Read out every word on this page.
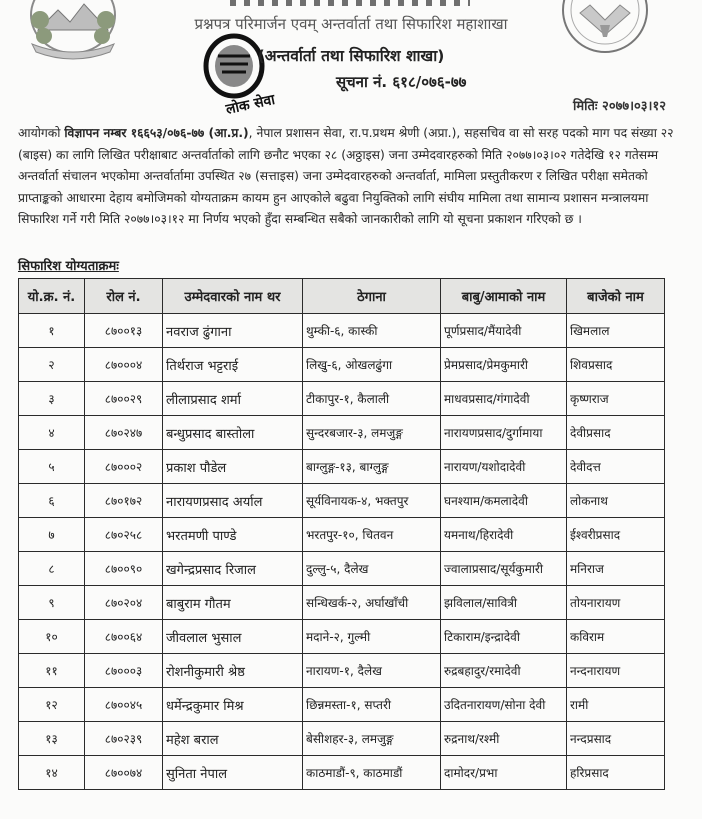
प्रश्नपत्र परिमार्जन एवम् अन्तर्वार्ता तथा सिफारिश महाशाखा
लोक सेवा
(अन्तर्वार्ता तथा सिफारिश शाखा)
सूचना नं. ६१८/०७६-७७
मितिः २०७७।०३।१२
आयोगको विज्ञापन नम्बर १६६५३/०७६-७७ (आ.प्र.), नेपाल प्रशासन सेवा, रा.प.प्रथम श्रेणी (अप्रा.), सहसचिव वा सो सरह पदको माग पद संख्या २२ (बाइस) का लागि लिखित परीक्षाबाट अन्तर्वार्ताको लागि छनौट भएका २८ (अठ्ठाइस) जना उम्मेदवारहरुको मिति २०७७।०३।०२ गतेदेखि १२ गतेसम्म अन्तर्वार्ता संचालन भएकोमा अन्तर्वार्तामा उपस्थित २७ (सत्ताइस) जना उम्मेदवारहरुको अन्तर्वार्ता, मामिला प्रस्तुतीकरण र लिखित परीक्षा समेतको प्राप्ताङ्कको आधारमा देहाय बमोजिमको योग्यताक्रम कायम हुन आएकोले बढुवा नियुक्तिको लागि संघीय मामिला तथा सामान्य प्रशासन मन्त्रालयमा सिफारिश गर्ने गरी मिति २०७७।०३।१२ मा निर्णय भएको हुँदा सम्बन्धित सबैको जानकारीको लागि यो सूचना प्रकाशन गरिएको छ ।
सिफारिश योग्यताक्रमः
यो.क्र. नं.	रोल नं.	उम्मेदवारको नाम थर	ठेगाना	बाबु/आमाको नाम	बाजेको नाम
१	८७००१३	नवराज ढुंगाना	थुम्की-६, कास्की	पूर्णप्रसाद/मैंयादेवी	खिमलाल
२	८७०००४	तिर्थराज भट्टराई	लिखु-६, ओखलढुंगा	प्रेमप्रसाद/प्रेमकुमारी	शिवप्रसाद
३	८७००२९	लीलाप्रसाद शर्मा	टीकापुर-१, कैलाली	माधवप्रसाद/गंगादेवी	कृष्णराज
४	८७०२४७	बन्धुप्रसाद बास्तोला	सुन्दरबजार-३, लमजुङ्ग	नारायणप्रसाद/दुर्गामाया	देवीप्रसाद
५	८७०००२	प्रकाश पौडेल	बाग्लुङ्ग-१३, बाग्लुङ्ग	नारायण/यशोदादेवी	देवीदत्त
६	८७०१७२	नारायणप्रसाद अर्याल	सूर्यविनायक-४, भक्तपुर	घनश्याम/कमलादेवी	लोकनाथ
७	८७०२५८	भरतमणी पाण्डे	भरतपुर-१०, चितवन	यमनाथ/हिरादेवी	ईश्वरीप्रसाद
८	८७००९०	खगेन्द्रप्रसाद रिजाल	दुल्लु-५, दैलेख	ज्वालाप्रसाद/सूर्यकुमारी	मनिराज
९	८७०२०४	बाबुराम गौतम	सन्धिखर्क-२, अर्घाखाँची	झविलाल/सावित्री	तोयनारायण
१०	८७००६४	जीवलाल भुसाल	मदाने-२, गुल्मी	टिकाराम/इन्द्रादेवी	कविराम
११	८७०००३	रोशनीकुमारी श्रेष्ठ	नारायण-१, दैलेख	रुद्रबहादुर/रमादेवी	नन्दनारायण
१२	८७००४५	धर्मेन्द्रकुमार मिश्र	छिन्नमस्ता-१, सप्तरी	उदितनारायण/सोना देवी	रामी
१३	८७०२३९	महेश बराल	बेसीशहर-३, लमजुङ्ग	रुद्रनाथ/रश्मी	नन्दप्रसाद
१४	८७००७४	सुनिता नेपाल	काठमाडौं-९, काठमाडौं	दामोदर/प्रभा	हरिप्रसाद
